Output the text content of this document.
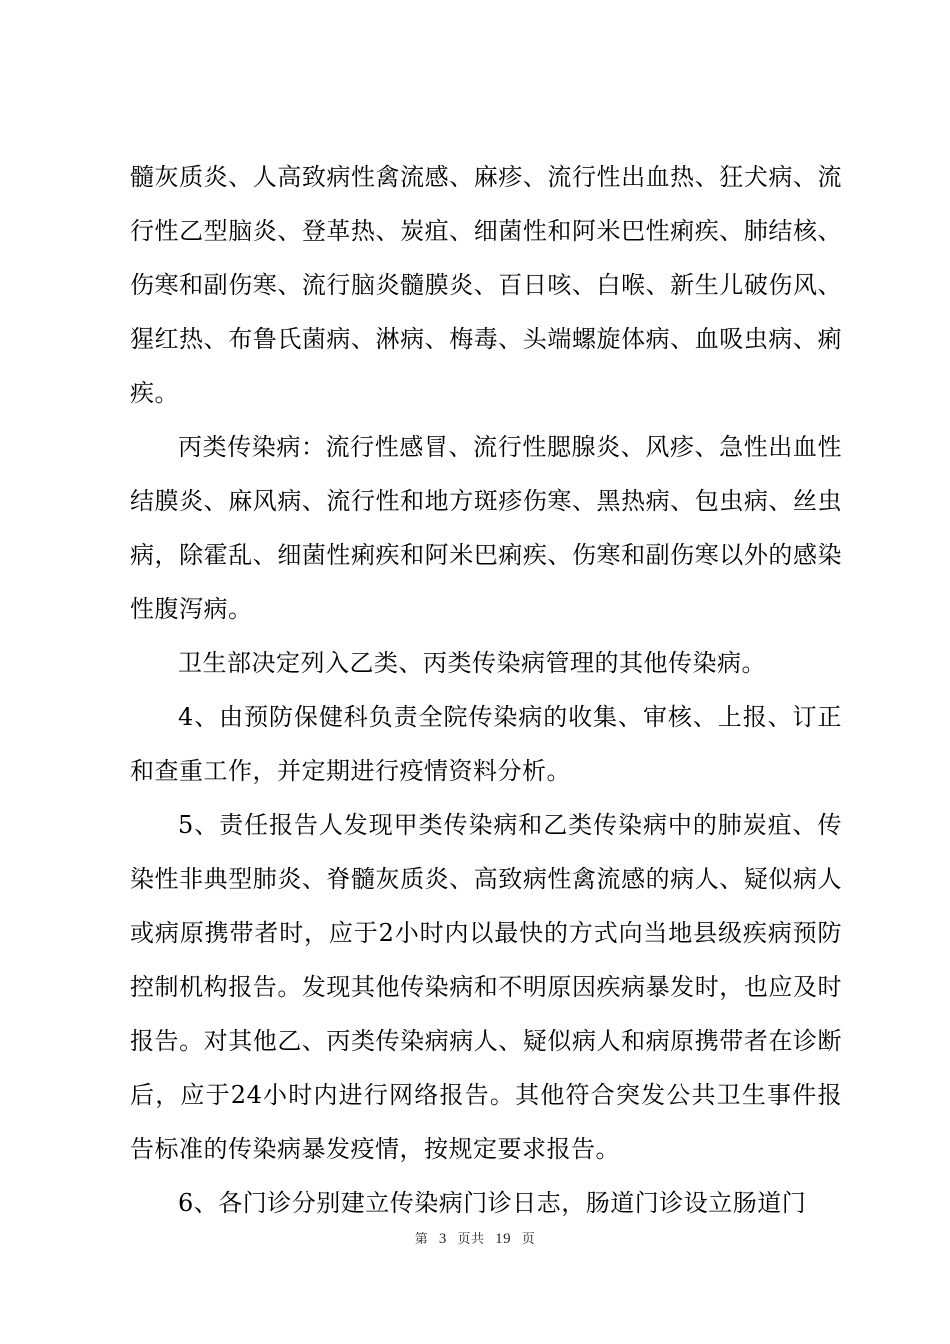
髓灰质炎、人高致病性禽流感、麻疹、流行性出血热、狂犬病、流行性乙型脑炎、登革热、炭疽、细菌性和阿米巴性痢疾、肺结核、伤寒和副伤寒、流行脑炎髓膜炎、百日咳、白喉、新生儿破伤风、猩红热、布鲁氏菌病、淋病、梅毒、头端螺旋体病、血吸虫病、痢疾。

丙类传染病：流行性感冒、流行性腮腺炎、风疹、急性出血性结膜炎、麻风病、流行性和地方斑疹伤寒、黑热病、包虫病、丝虫病，除霍乱、细菌性痢疾和阿米巴痢疾、伤寒和副伤寒以外的感染性腹泻病。

卫生部决定列入乙类、丙类传染病管理的其他传染病。

4、由预防保健科负责全院传染病的收集、审核、上报、订正和查重工作，并定期进行疫情资料分析。

5、责任报告人发现甲类传染病和乙类传染病中的肺炭疽、传染性非典型肺炎、脊髓灰质炎、高致病性禽流感的病人、疑似病人或病原携带者时，应于2小时内以最快的方式向当地县级疾病预防控制机构报告。发现其他传染病和不明原因疾病暴发时，也应及时报告。对其他乙、丙类传染病病人、疑似病人和病原携带者在诊断后，应于24小时内进行网络报告。其他符合突发公共卫生事件报告标准的传染病暴发疫情，按规定要求报告。

6、各门诊分别建立传染病门诊日志，肠道门诊设立肠道门

第 3 页共 19 页
